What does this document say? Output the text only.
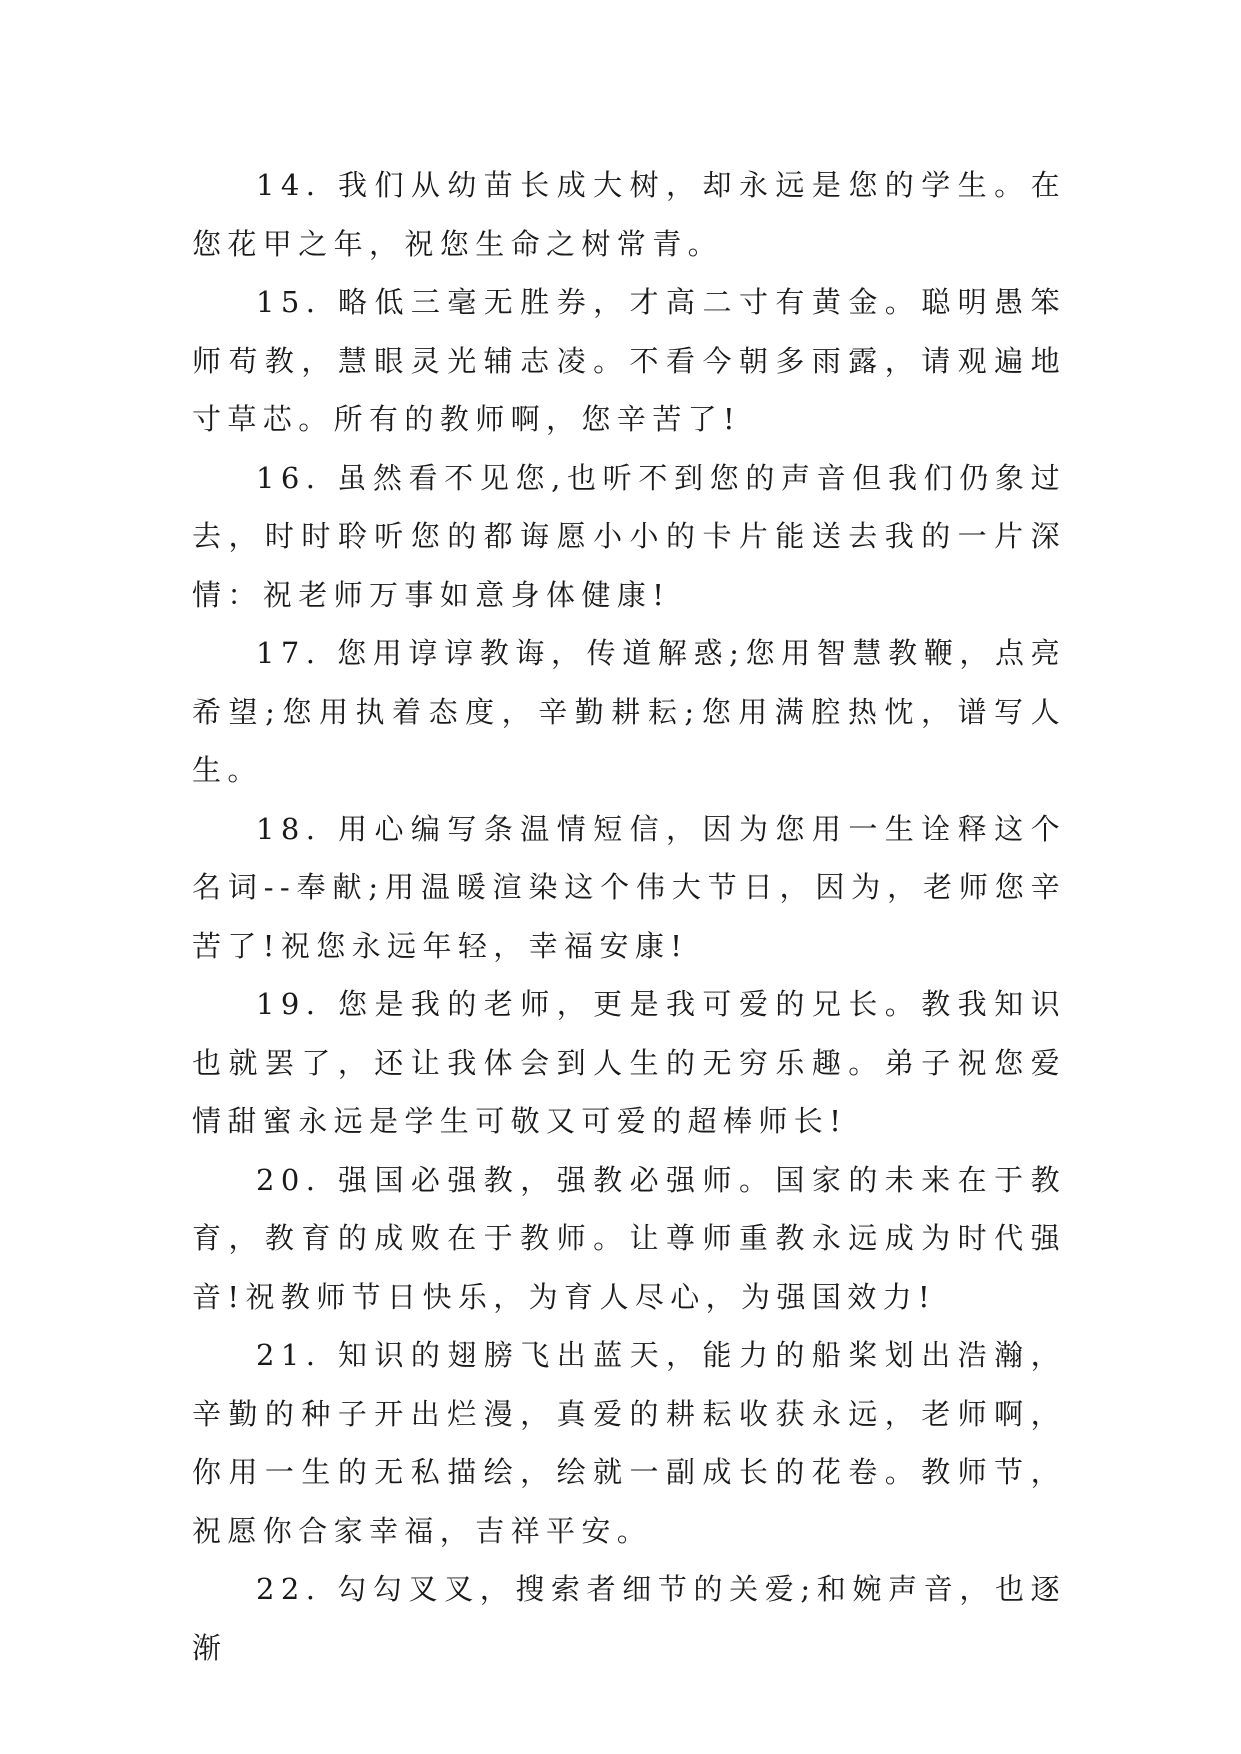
14. 我们从幼苗长成大树，却永远是您的学生。在您花甲之年，祝您生命之树常青。

15. 略低三毫无胜券，才高二寸有黄金。聪明愚笨师苟教，慧眼灵光辅志凌。不看今朝多雨露，请观遍地寸草芯。所有的教师啊，您辛苦了!

16. 虽然看不见您,也听不到您的声音但我们仍象过去，时时聆听您的都诲愿小小的卡片能送去我的一片深情：祝老师万事如意身体健康!

17. 您用谆谆教诲，传道解惑;您用智慧教鞭，点亮希望;您用执着态度，辛勤耕耘;您用满腔热忱，谱写人生。

18. 用心编写条温情短信，因为您用一生诠释这个名词--奉献;用温暖渲染这个伟大节日，因为，老师您辛苦了!祝您永远年轻，幸福安康!

19. 您是我的老师，更是我可爱的兄长。教我知识也就罢了，还让我体会到人生的无穷乐趣。弟子祝您爱情甜蜜永远是学生可敬又可爱的超棒师长!

20. 强国必强教，强教必强师。国家的未来在于教育，教育的成败在于教师。让尊师重教永远成为时代强音!祝教师节日快乐，为育人尽心，为强国效力!

21. 知识的翅膀飞出蓝天，能力的船桨划出浩瀚，辛勤的种子开出烂漫，真爱的耕耘收获永远，老师啊，你用一生的无私描绘，绘就一副成长的花卷。教师节，祝愿你合家幸福，吉祥平安。

22. 勾勾叉叉，搜索者细节的关爱;和婉声音，也逐渐
